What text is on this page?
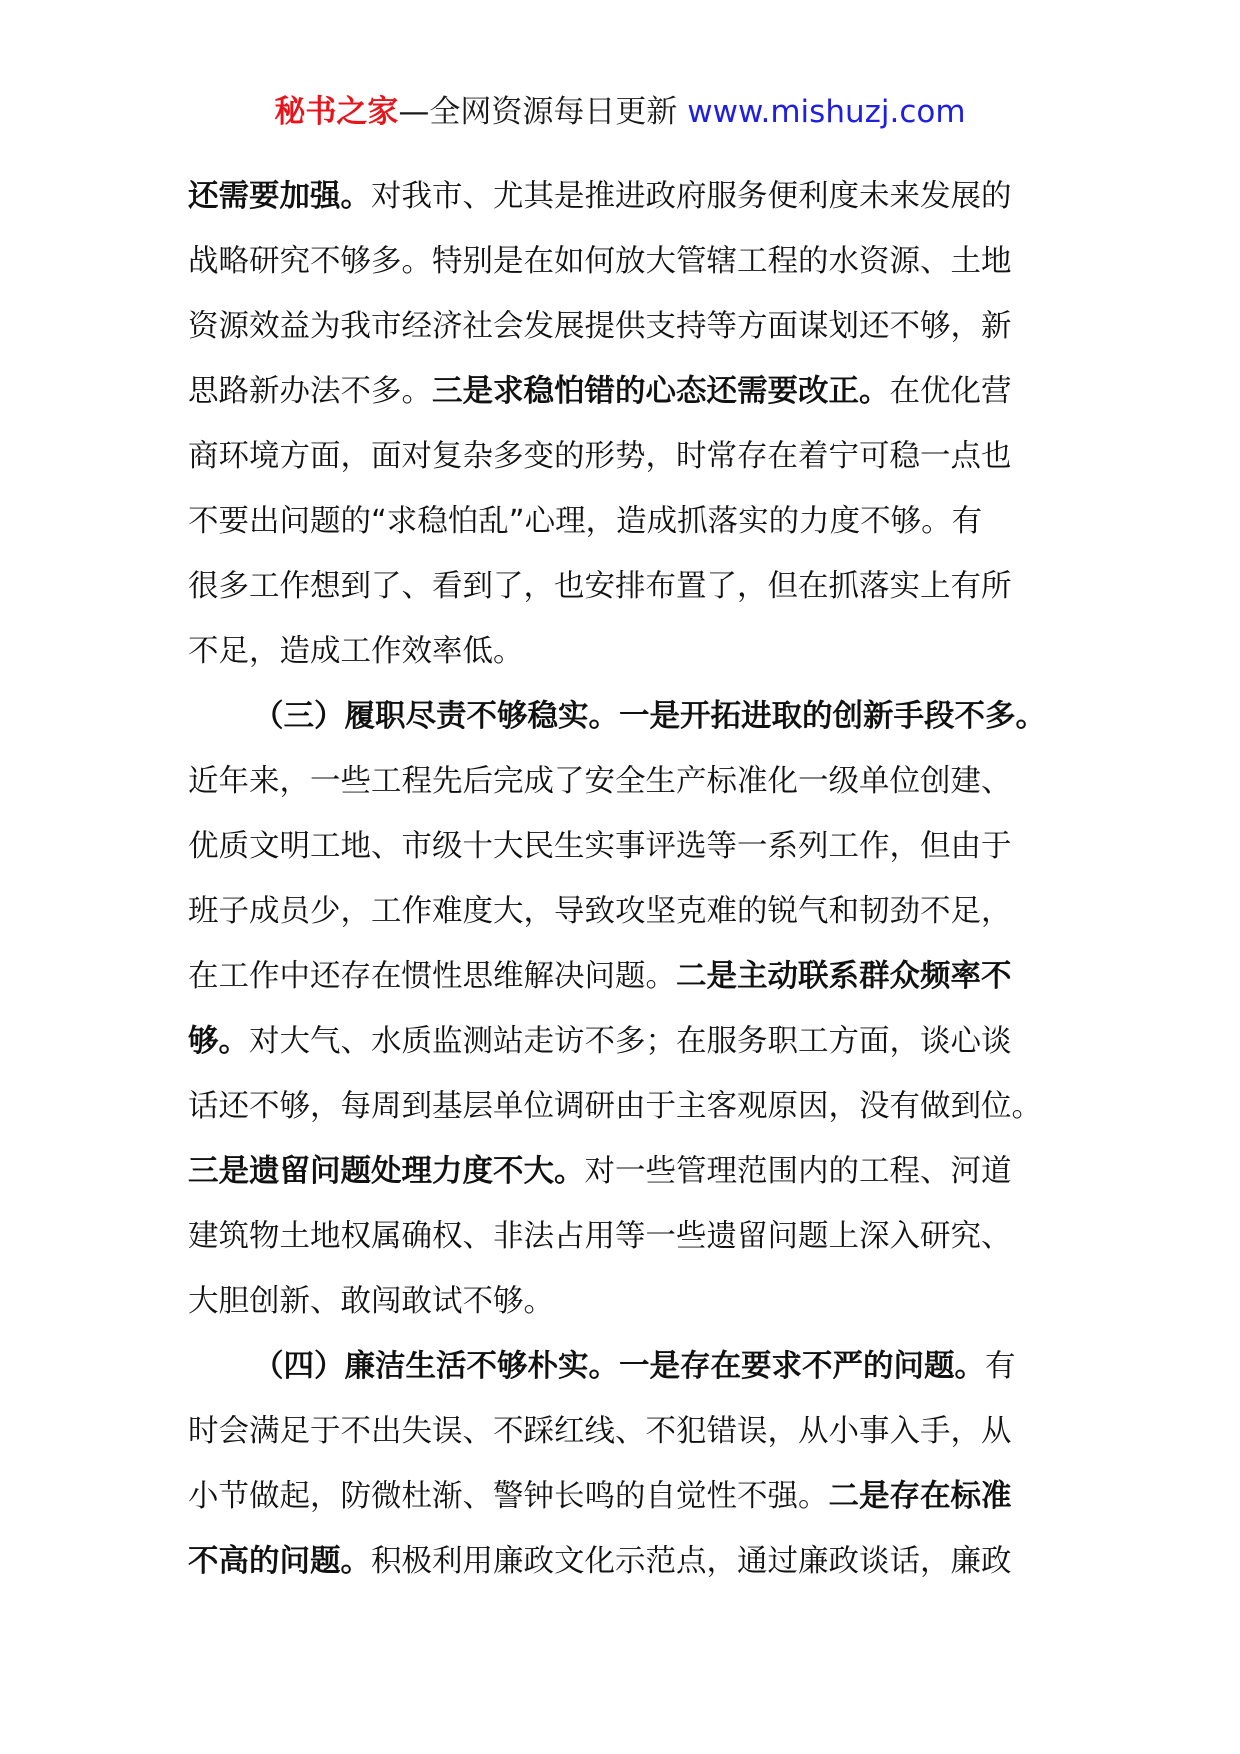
秘书之家—全网资源每日更新 www.mishuzj.com
还需要加强。对我市、尤其是推进政府服务便利度未来发展的
战略研究不够多。特别是在如何放大管辖工程的水资源、土地
资源效益为我市经济社会发展提供支持等方面谋划还不够，新
思路新办法不多。三是求稳怕错的心态还需要改正。在优化营
商环境方面，面对复杂多变的形势，时常存在着宁可稳一点也
不要出问题的“求稳怕乱”心理，造成抓落实的力度不够。有
很多工作想到了、看到了，也安排布置了，但在抓落实上有所
不足，造成工作效率低。
（三）履职尽责不够稳实。一是开拓进取的创新手段不多。
近年来，一些工程先后完成了安全生产标准化一级单位创建、
优质文明工地、市级十大民生实事评选等一系列工作，但由于
班子成员少，工作难度大，导致攻坚克难的锐气和韧劲不足，
在工作中还存在惯性思维解决问题。二是主动联系群众频率不
够。对大气、水质监测站走访不多；在服务职工方面，谈心谈
话还不够，每周到基层单位调研由于主客观原因，没有做到位。
三是遗留问题处理力度不大。对一些管理范围内的工程、河道
建筑物土地权属确权、非法占用等一些遗留问题上深入研究、
大胆创新、敢闯敢试不够。
（四）廉洁生活不够朴实。一是存在要求不严的问题。有
时会满足于不出失误、不踩红线、不犯错误，从小事入手，从
小节做起，防微杜渐、警钟长鸣的自觉性不强。二是存在标准
不高的问题。积极利用廉政文化示范点，通过廉政谈话，廉政
